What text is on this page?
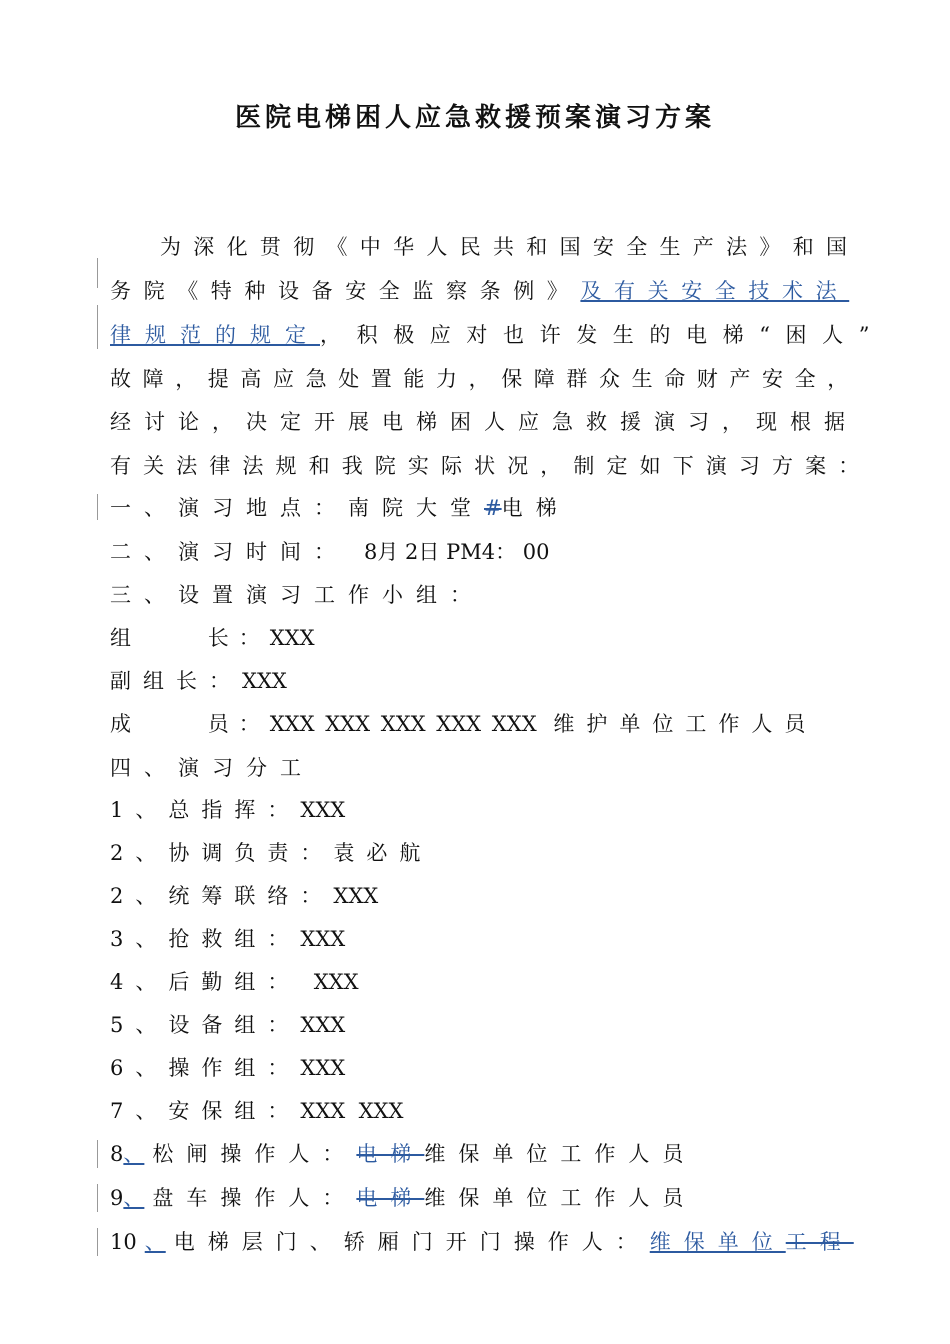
医院电梯困人应急救援预案演习方案
为深化贯彻《中华人民共和国安全生产法》和国
务院《特种设备安全监察条例》及有关安全技术法
律规范的规定，积极应对也许发生的电梯“困人”
故障，提高应急处置能力，保障群众生命财产安全，
经讨论，决定开展电梯困人应急救援演习，现根据
有关法律法规和我院实际状况，制定如下演习方案：
一、演习地点：南院大堂#电梯
二、演习时间： 8月 2日 PM4： 00
三、设置演习工作小组：
组    长：XXX
副组长：XXX
成    员：XXX XXX XXX XXX XXX 维护单位工作人员
四、演习分工
1、总指挥：XXX
2、协调负责：袁必航
2、统筹联络：XXX
3、抢救组：XXX
4、后勤组：  XXX
5、设备组：XXX
6、操作组：XXX
7、安保组：XXX  XXX
8、 松闸操作人：电梯维保单位工作人员
9、 盘车操作人：电梯维保单位工作人员
10 、 电梯层门、轿厢门开门操作人：维保单位工程
